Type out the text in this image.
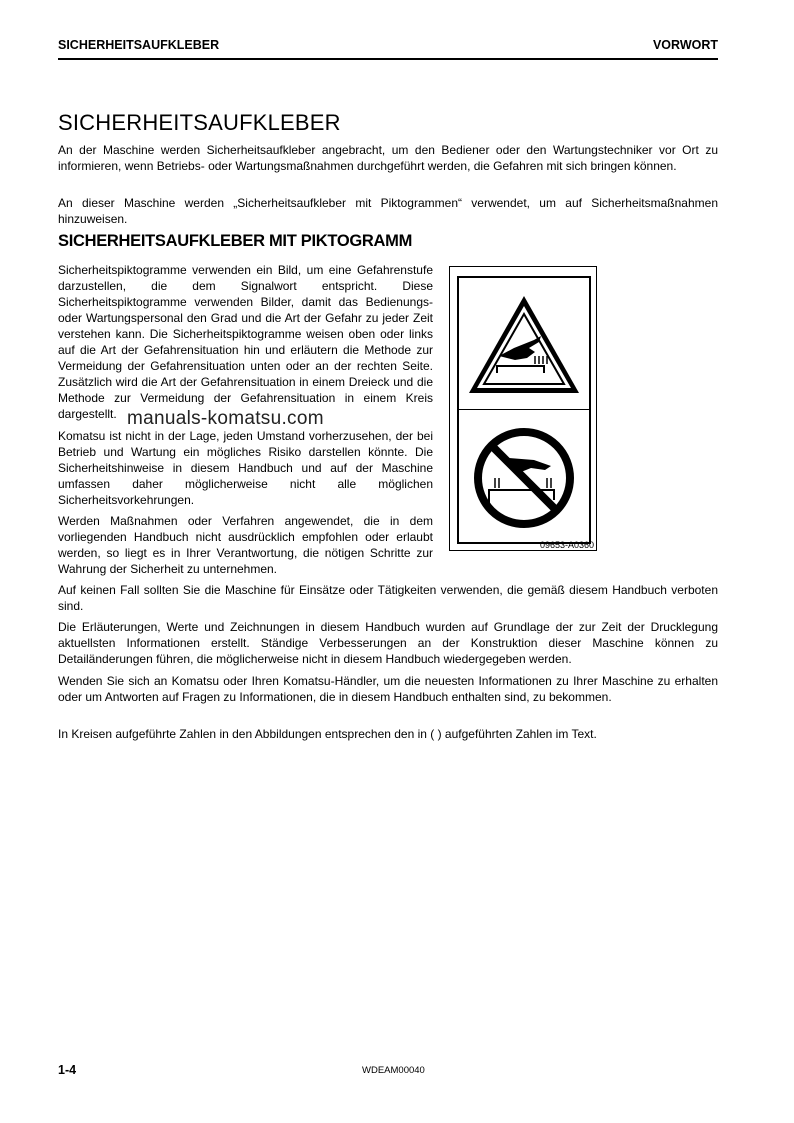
SICHERHEITSAUFKLEBER	VORWORT
SICHERHEITSAUFKLEBER

An der Maschine werden Sicherheitsaufkleber angebracht, um den Bediener oder den Wartungstechniker vor Ort zu informieren, wenn Betriebs- oder Wartungsmaßnahmen durchgeführt werden, die Gefahren mit sich bringen können.

An dieser Maschine werden „Sicherheitsaufkleber mit Piktogrammen“ verwendet, um auf Sicherheitsmaßnahmen hinzuweisen.

SICHERHEITSAUFKLEBER MIT PIKTOGRAMM

Sicherheitspiktogramme verwenden ein Bild, um eine Gefahrenstufe darzustellen, die dem Signalwort entspricht. Diese Sicherheitspiktogramme verwenden Bilder, damit das Bedienungs- oder Wartungspersonal den Grad und die Art der Gefahr zu jeder Zeit verstehen kann. Die Sicherheitspiktogramme weisen oben oder links auf die Art der Gefahrensituation hin und erläutern die Methode zur Vermeidung der Gefahrensituation unten oder an der rechten Seite. Zusätzlich wird die Art der Gefahrensituation in einem Dreieck und die Methode zur Vermeidung der Gefahrensituation in einem Kreis dargestellt.

Komatsu ist nicht in der Lage, jeden Umstand vorherzusehen, der bei Betrieb und Wartung ein mögliches Risiko darstellen könnte. Die Sicherheitshinweise in diesem Handbuch und auf der Maschine umfassen daher möglicherweise nicht alle möglichen Sicherheitsvorkehrungen.

Werden Maßnahmen oder Verfahren angewendet, die in dem vorliegenden Handbuch nicht ausdrücklich empfohlen oder erlaubt werden, so liegt es in Ihrer Verantwortung, die nötigen Schritte zur Wahrung der Sicherheit zu unternehmen.

09653-A0360
manuals-komatsu.com

Auf keinen Fall sollten Sie die Maschine für Einsätze oder Tätigkeiten verwenden, die gemäß diesem Handbuch verboten sind.

Die Erläuterungen, Werte und Zeichnungen in diesem Handbuch wurden auf Grundlage der zur Zeit der Drucklegung aktuellsten Informationen erstellt. Ständige Verbesserungen an der Konstruktion dieser Maschine können zu Detailänderungen führen, die möglicherweise nicht in diesem Handbuch wiedergegeben werden.

Wenden Sie sich an Komatsu oder Ihren Komatsu-Händler, um die neuesten Informationen zu Ihrer Maschine zu erhalten oder um Antworten auf Fragen zu Informationen, die in diesem Handbuch enthalten sind, zu bekommen.

In Kreisen aufgeführte Zahlen in den Abbildungen entsprechen den in ( ) aufgeführten Zahlen im Text.

1-4	WDEAM00040
